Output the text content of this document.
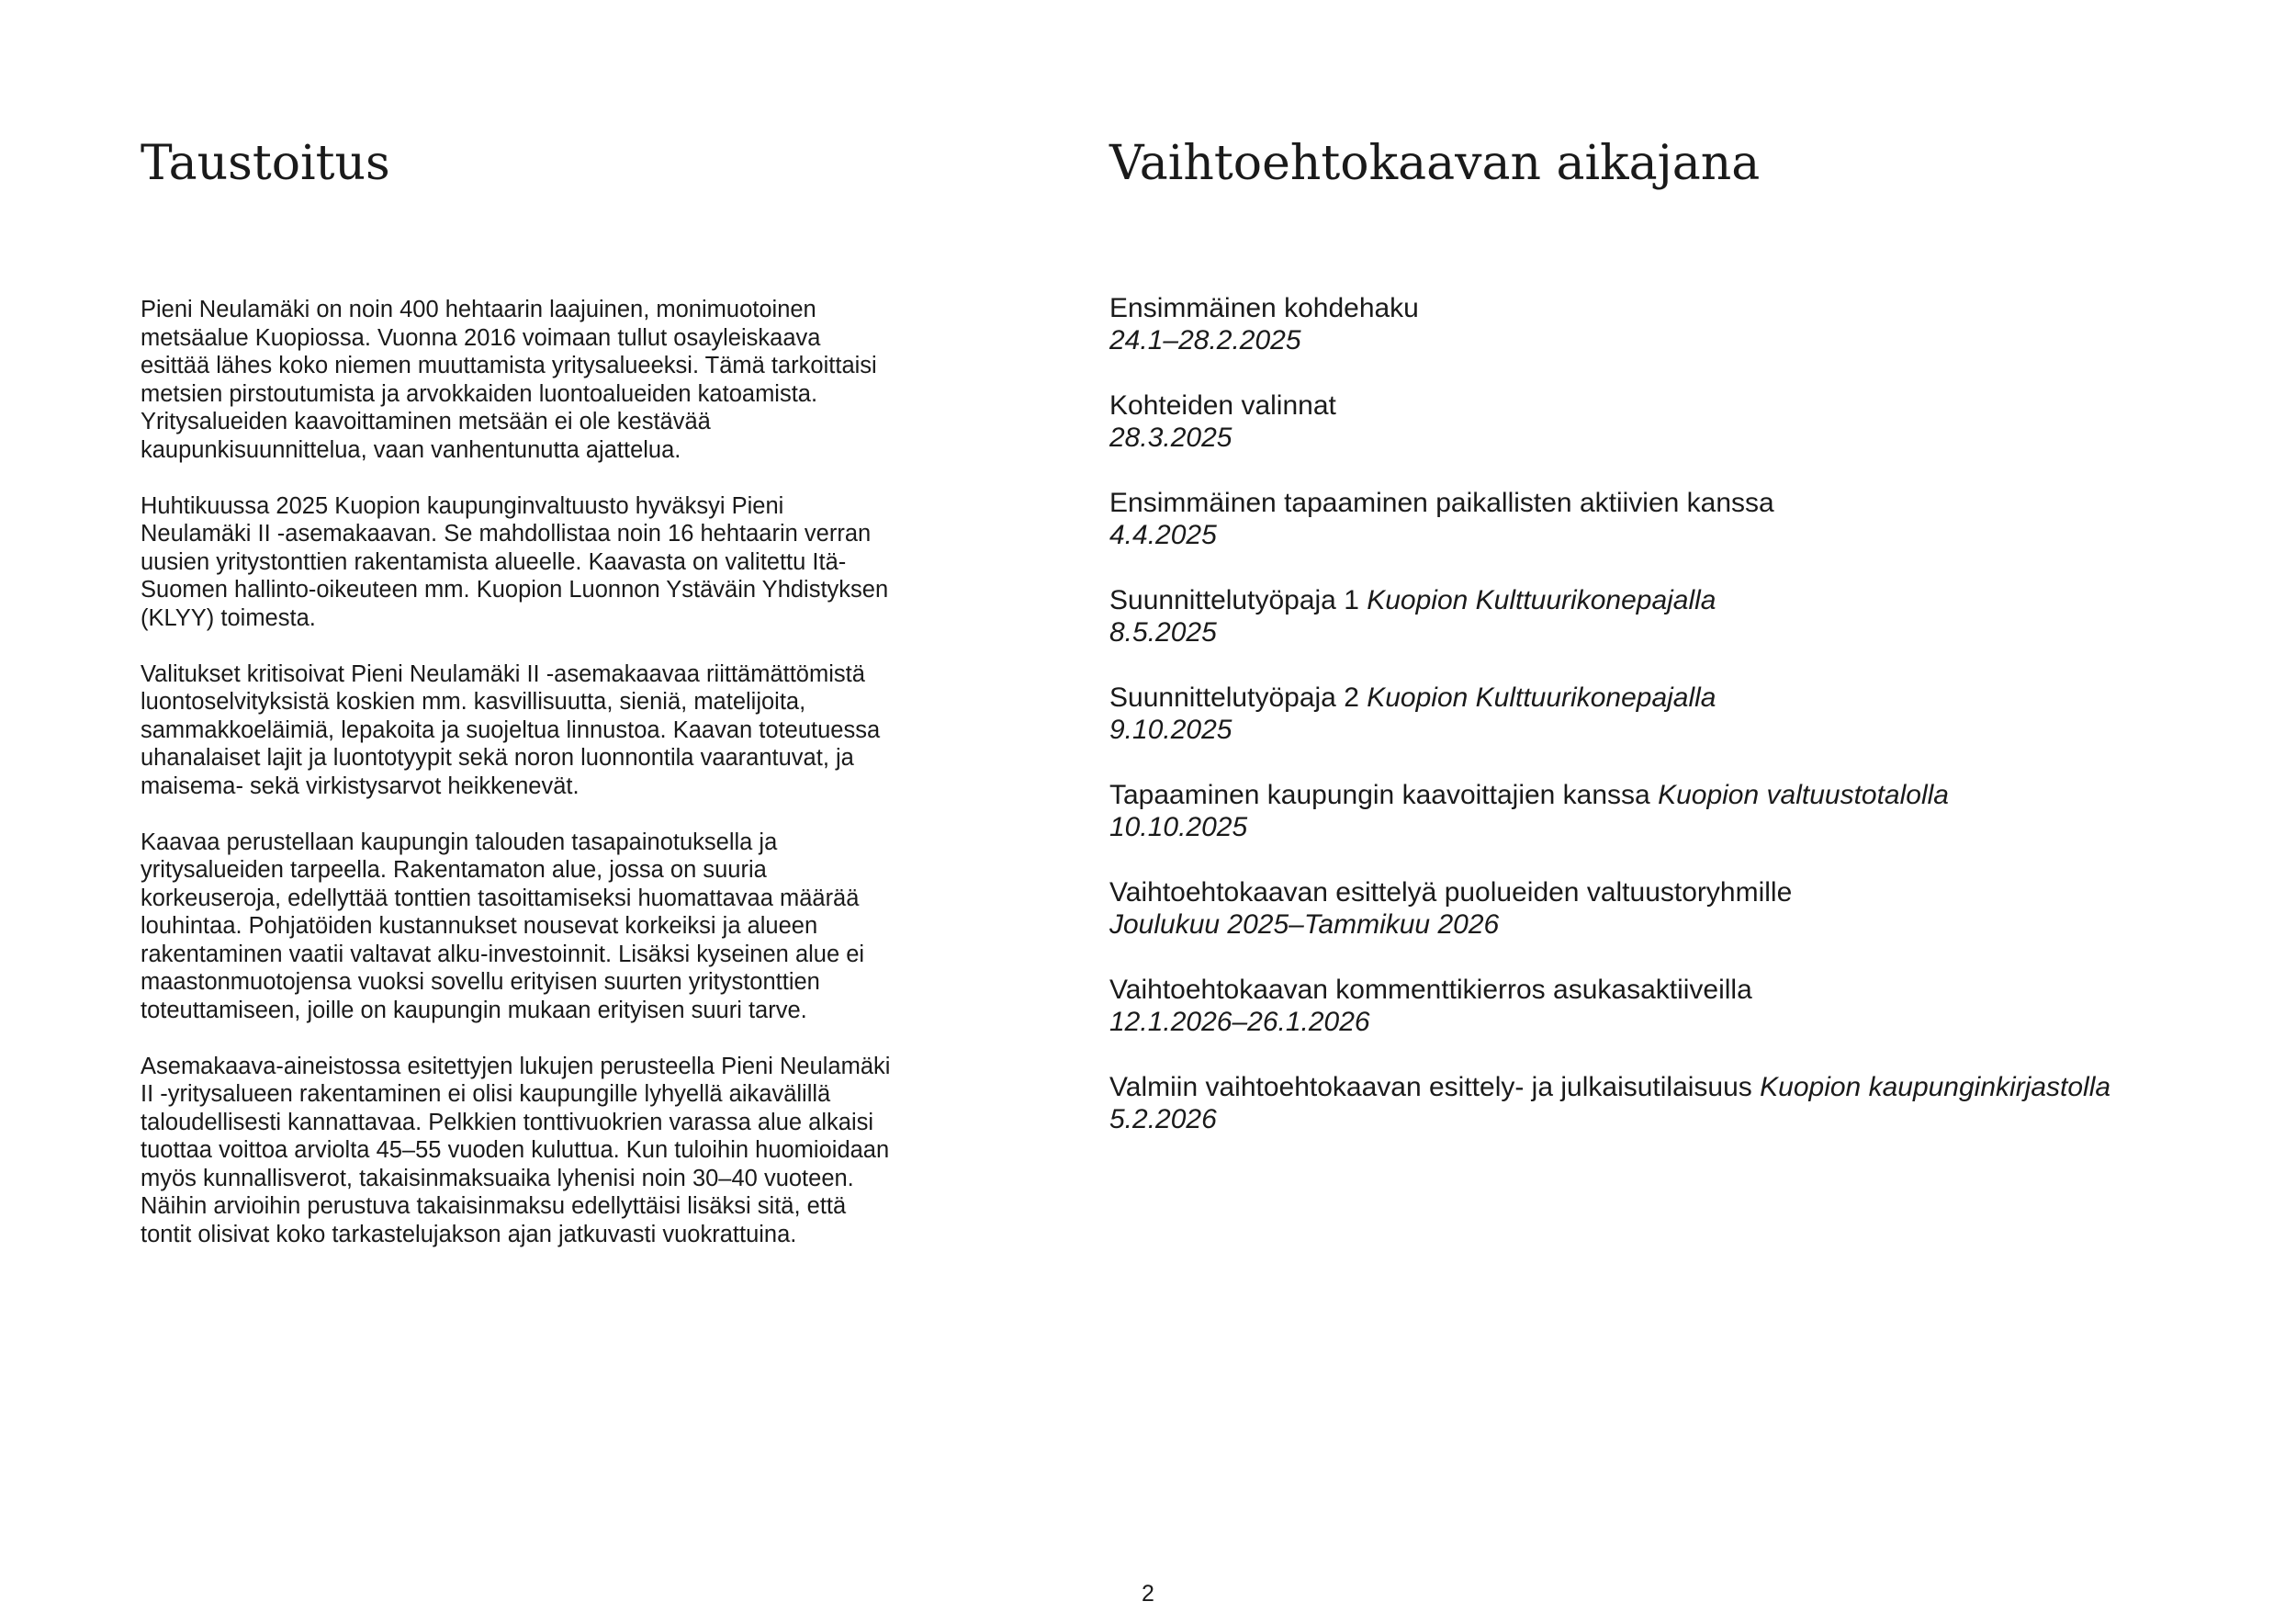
Taustoitus

Pieni Neulamäki on noin 400 hehtaarin laajuinen, monimuotoinen metsäalue Kuopiossa. Vuonna 2016 voimaan tullut osayleiskaava esittää lähes koko niemen muuttamista yritysalueeksi. Tämä tarkoittaisi metsien pirstoutumista ja arvokkaiden luontoalueiden katoamista. Yritysalueiden kaavoittaminen metsään ei ole kestävää kaupunkisuunnittelua, vaan vanhentunutta ajattelua.

Huhtikuussa 2025 Kuopion kaupunginvaltuusto hyväksyi Pieni Neulamäki II -asemakaavan. Se mahdollistaa noin 16 hehtaarin verran uusien yritystonttien rakentamista alueelle. Kaavasta on valitettu Itä-Suomen hallinto-oikeuteen mm. Kuopion Luonnon Ystäväin Yhdistyksen (KLYY) toimesta.

Valitukset kritisoivat Pieni Neulamäki II -asemakaavaa riittämättömistä luontoselvityksistä koskien mm. kasvillisuutta, sieniä, matelijoita, sammakkoeläimiä, lepakoita ja suojeltua linnustoa. Kaavan toteutuessa uhanalaiset lajit ja luontotyypit sekä noron luonnontila vaarantuvat, ja maisema- sekä virkistysarvot heikkenevät.

Kaavaa perustellaan kaupungin talouden tasapainotuksella ja yritysalueiden tarpeella. Rakentamaton alue, jossa on suuria korkeuseroja, edellyttää tonttien tasoittamiseksi huomattavaa määrää louhintaa. Pohjatöiden kustannukset nousevat korkeiksi ja alueen rakentaminen vaatii valtavat alku-investoinnit. Lisäksi kyseinen alue ei maastonmuotojensa vuoksi sovellu erityisen suurten yritystonttien toteuttamiseen, joille on kaupungin mukaan erityisen suuri tarve.

Asemakaava-aineistossa esitettyjen lukujen perusteella Pieni Neulamäki II -yritysalueen rakentaminen ei olisi kaupungille lyhyellä aikavälillä taloudellisesti kannattavaa. Pelkkien tonttivuokrien varassa alue alkaisi tuottaa voittoa arviolta 45–55 vuoden kuluttua. Kun tuloihin huomioidaan myös kunnallisverot, takaisinmaksuaika lyhenisi noin 30–40 vuoteen. Näihin arvioihin perustuva takaisinmaksu edellyttäisi lisäksi sitä, että tontit olisivat koko tarkastelujakson ajan jatkuvasti vuokrattuina.

Vaihtoehtokaavan aikajana
Ensimmäinen kohdehaku
24.1–28.2.2025
Kohteiden valinnat
28.3.2025
Ensimmäinen tapaaminen paikallisten aktiivien kanssa
4.4.2025
Suunnittelutyöpaja 1 Kuopion Kulttuurikonepajalla
8.5.2025
Suunnittelutyöpaja 2 Kuopion Kulttuurikonepajalla
9.10.2025
Tapaaminen kaupungin kaavoittajien kanssa Kuopion valtuustotalolla
10.10.2025
Vaihtoehtokaavan esittelyä puolueiden valtuustoryhmille
Joulukuu 2025–Tammikuu 2026
Vaihtoehtokaavan kommenttikierros asukasaktiiveilla
12.1.2026–26.1.2026
Valmiin vaihtoehtokaavan esittely- ja julkaisutilaisuus Kuopion kaupunginkirjastolla
5.2.2026
2
